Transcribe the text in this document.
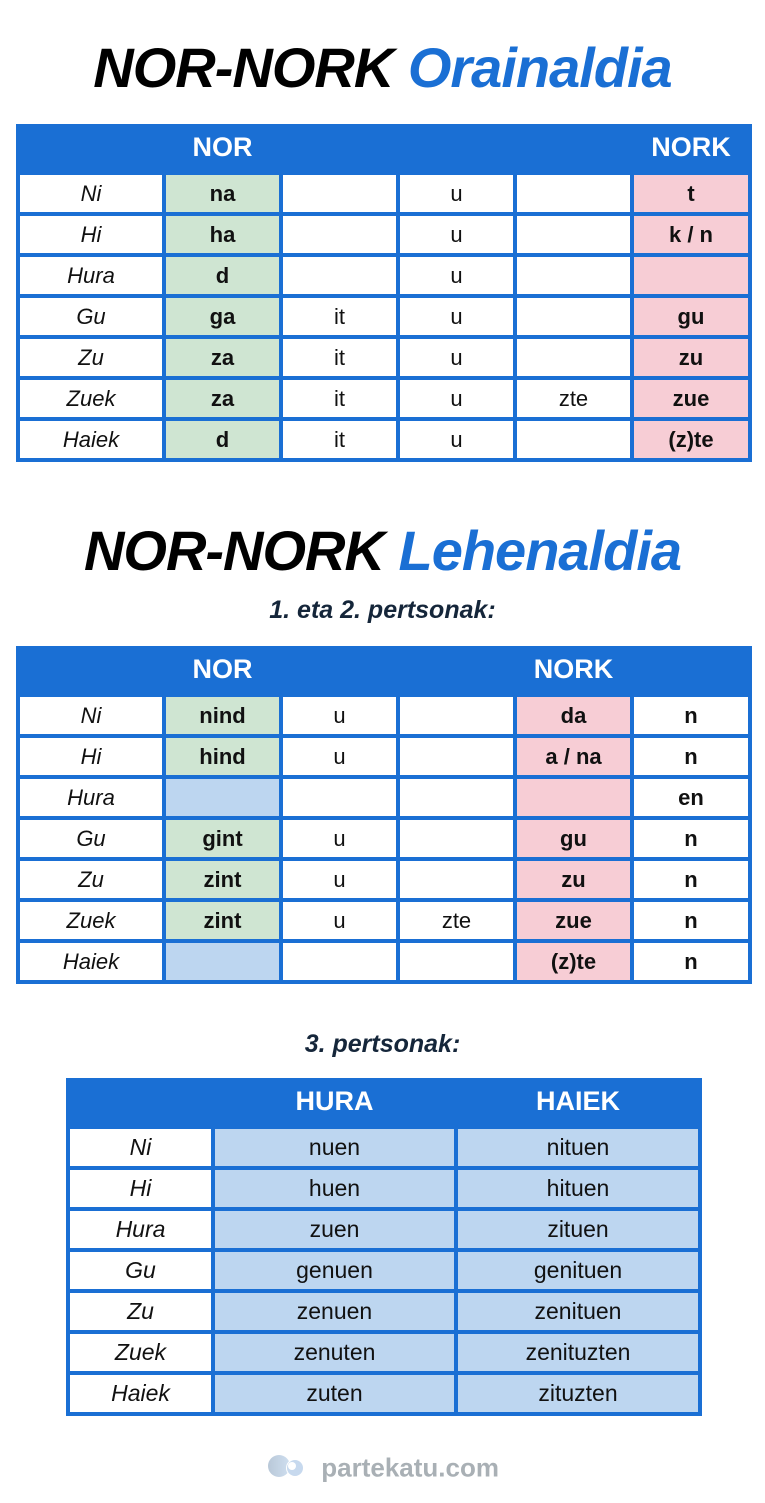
NOR-NORK Orainaldia
	NOR				NORK
Ni	na		u		t
Hi	ha		u		k / n
Hura	d		u		
Gu	ga	it	u		gu
Zu	za	it	u		zu
Zuek	za	it	u	zte	zue
Haiek	d	it	u		(z)te
NOR-NORK Lehenaldia
1. eta 2. pertsonak:
	NOR			NORK	
Ni	nind	u		da	n
Hi	hind	u		a / na	n
Hura					en
Gu	gint	u		gu	n
Zu	zint	u		zu	n
Zuek	zint	u	zte	zue	n
Haiek				(z)te	n
3. pertsonak:
	HURA	HAIEK
Ni	nuen	nituen
Hi	huen	hituen
Hura	zuen	zituen
Gu	genuen	genituen
Zu	zenuen	zenituen
Zuek	zenuten	zenituzten
Haiek	zuten	zituzten
partekatu.com
